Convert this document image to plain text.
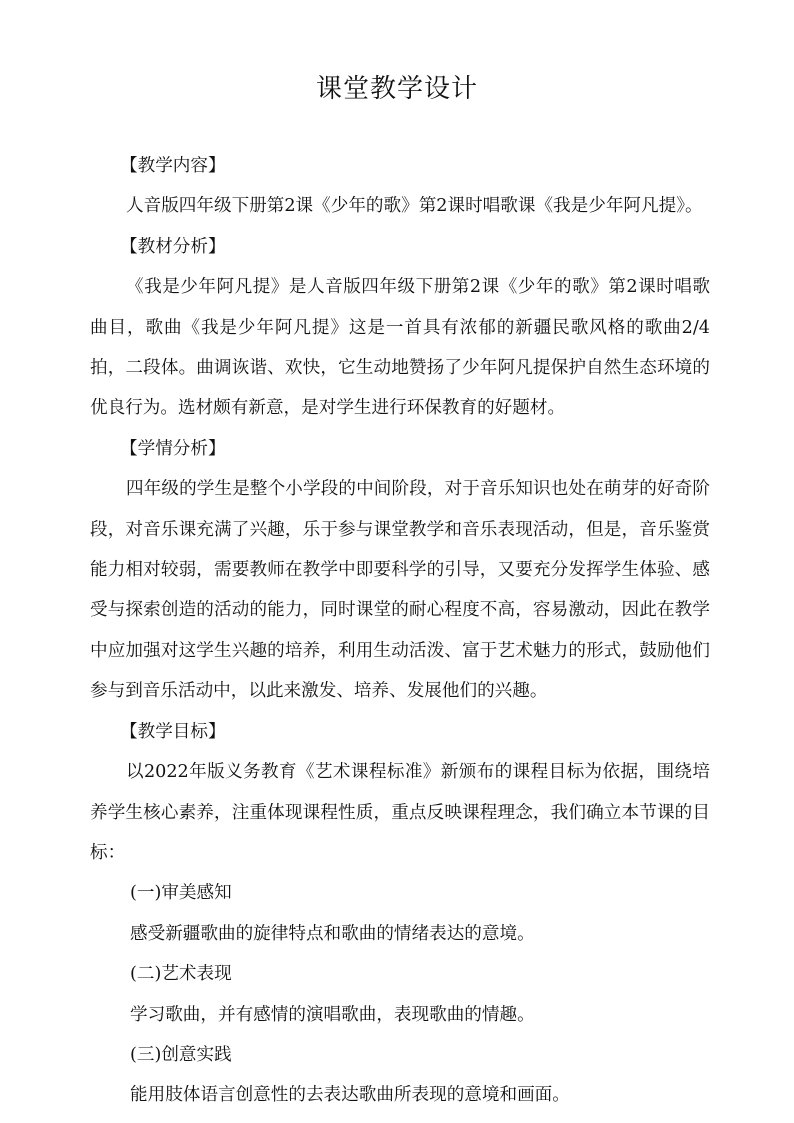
课堂教学设计

【教学内容】

人音版四年级下册第2课《少年的歌》第2课时唱歌课《我是少年阿凡提》。

【教材分析】

《我是少年阿凡提》是人音版四年级下册第2课《少年的歌》第2课时唱歌曲目，歌曲《我是少年阿凡提》这是一首具有浓郁的新疆民歌风格的歌曲2/4拍，二段体。曲调诙谐、欢快，它生动地赞扬了少年阿凡提保护自然生态环境的优良行为。选材颇有新意，是对学生进行环保教育的好题材。

【学情分析】

四年级的学生是整个小学段的中间阶段，对于音乐知识也处在萌芽的好奇阶段，对音乐课充满了兴趣，乐于参与课堂教学和音乐表现活动，但是，音乐鉴赏能力相对较弱，需要教师在教学中即要科学的引导，又要充分发挥学生体验、感受与探索创造的活动的能力，同时课堂的耐心程度不高，容易激动，因此在教学中应加强对这学生兴趣的培养，利用生动活泼、富于艺术魅力的形式，鼓励他们参与到音乐活动中，以此来激发、培养、发展他们的兴趣。

【教学目标】

以2022年版义务教育《艺术课程标准》新颁布的课程目标为依据，围绕培养学生核心素养，注重体现课程性质，重点反映课程理念，我们确立本节课的目标：

(一)审美感知

感受新疆歌曲的旋律特点和歌曲的情绪表达的意境。

(二)艺术表现

学习歌曲，并有感情的演唱歌曲，表现歌曲的情趣。

(三)创意实践

能用肢体语言创意性的去表达歌曲所表现的意境和画面。
